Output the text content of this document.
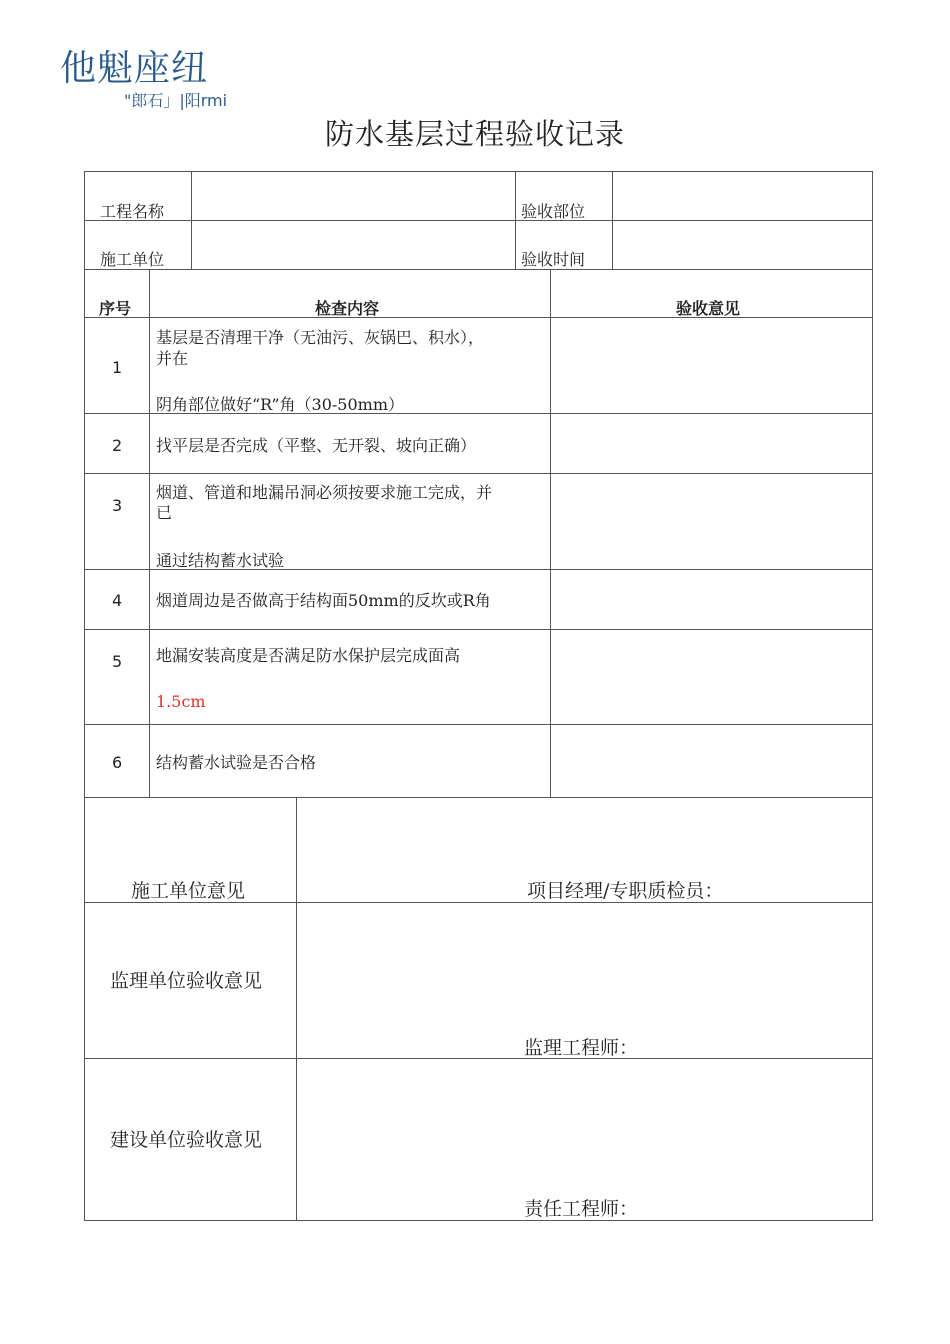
他魁座纽
"郎石」|阳rmi
防水基层过程验收记录
工程名称	验收部位
施工单位	验收时间
序号	检查内容	验收意见
1
基层是否清理干净（无油污、灰锅巴、积水），
并在
阴角部位做好“R”角（30-50mm）
2 找平层是否完成（平整、无开裂、坡向正确）
3
烟道、管道和地漏吊洞必须按要求施工完成，并
已
通过结构蓄水试验
4 烟道周边是否做高于结构面50mm的反坎或R角
5 地漏安装高度是否满足防水保护层完成面高
1.5cm
6 结构蓄水试验是否合格
施工单位意见	项目经理/专职质检员：
监理单位验收意见
监理工程师：
建设单位验收意见
责任工程师：
